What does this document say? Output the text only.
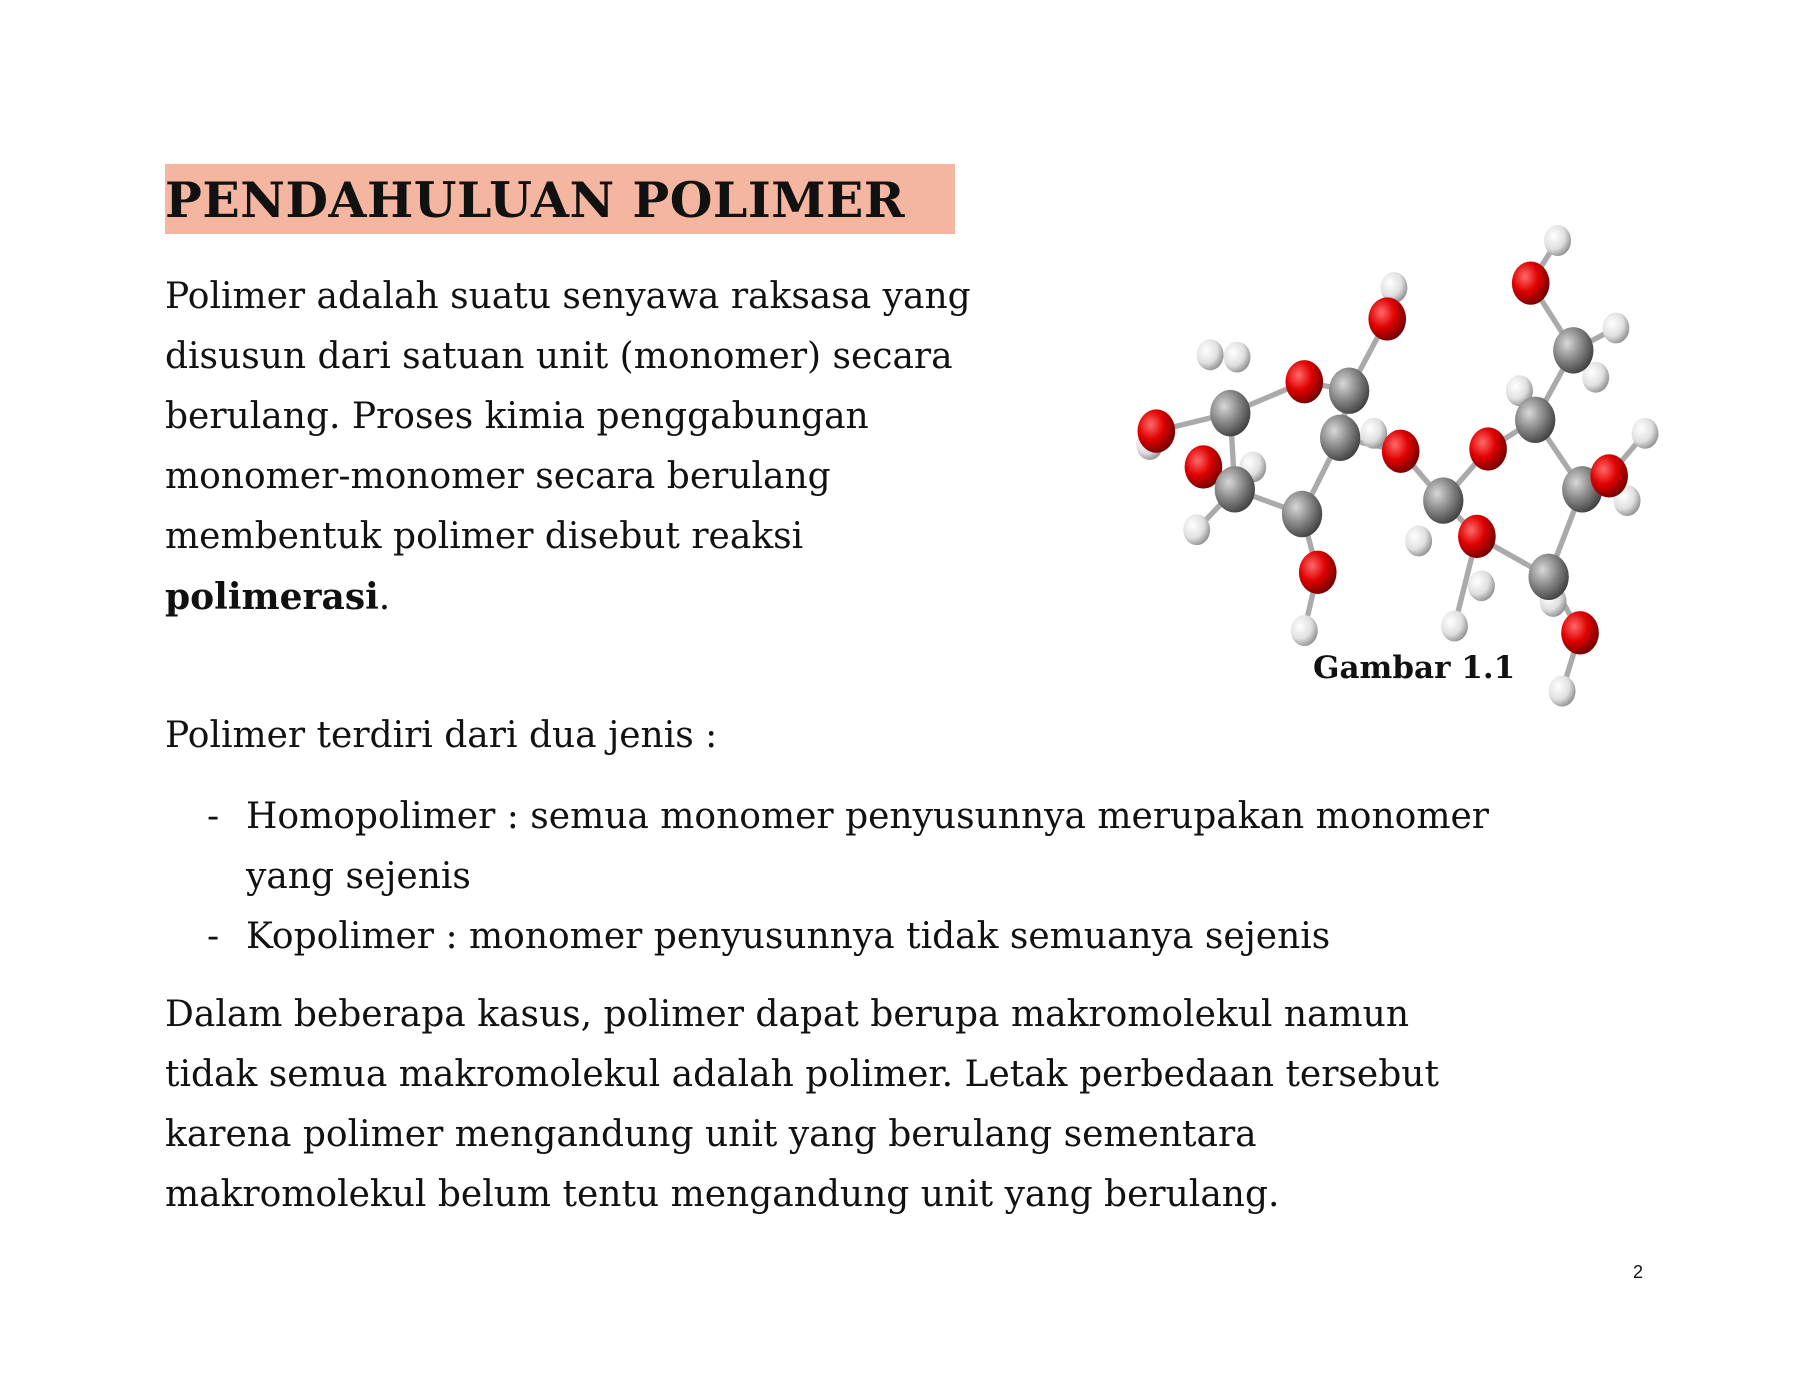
PENDAHULUAN POLIMER
Polimer adalah suatu senyawa raksasa yang
disusun dari satuan unit (monomer) secara
berulang. Proses kimia penggabungan
monomer-monomer secara berulang
membentuk polimer disebut reaksi
polimerasi.
Gambar 1.1
Polimer terdiri dari dua jenis :
- Homopolimer : semua monomer penyusunnya merupakan monomer
yang sejenis
- Kopolimer : monomer penyusunnya tidak semuanya sejenis
Dalam beberapa kasus, polimer dapat berupa makromolekul namun
tidak semua makromolekul adalah polimer. Letak perbedaan tersebut
karena polimer mengandung unit yang berulang sementara
makromolekul belum tentu mengandung unit yang berulang.
2
